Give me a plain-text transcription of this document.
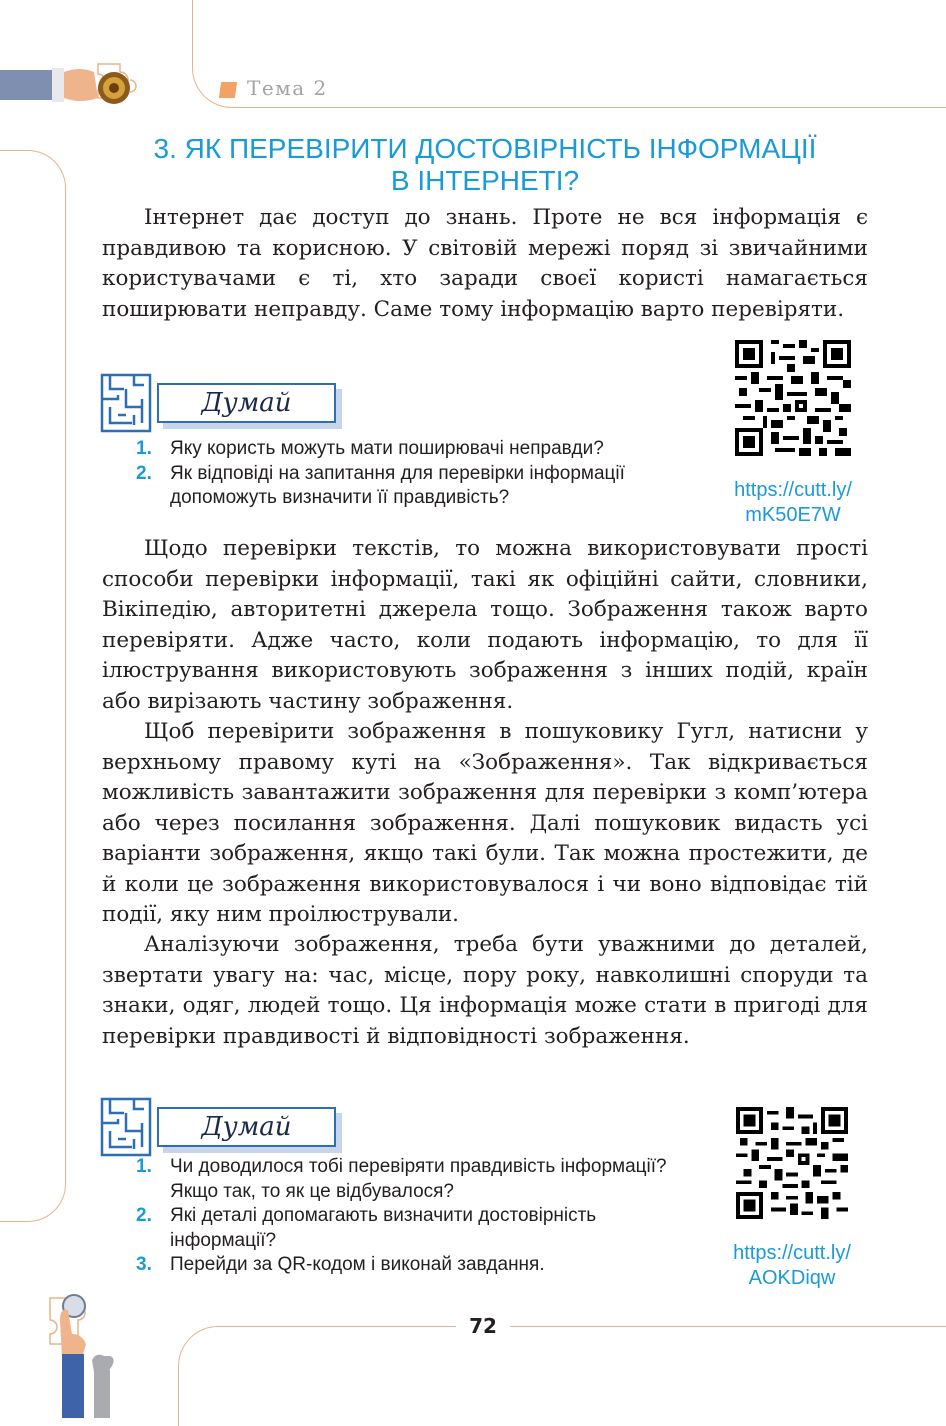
Тема 2
3. ЯК ПЕРЕВІРИТИ ДОСТОВІРНІСТЬ ІНФОРМАЦІЇ
В ІНТЕРНЕТІ?

Інтернет дає доступ до знань. Проте не вся інформація є правдивою та корисною. У світовій мережі поряд зі звичайними користувачами є ті, хто заради своєї користі намагається поширювати неправду. Саме тому інформацію варто перевіряти.

https://cutt.ly/
mK50E7W
Думай
1. Яку користь можуть мати поширювачі неправди?
2. Як відповіді на запитання для перевірки інформації допоможуть визначити її правдивість?

Щодо перевірки текстів, то можна використовувати прості способи перевірки інформації, такі як офіційні сайти, словники, Вікіпедію, авторитетні джерела тощо. Зображення також варто перевіряти. Адже часто, коли подають інформацію, то для її ілюстрування використовують зображення з інших подій, країн або вирізають частину зображення.

Щоб перевірити зображення в пошуковику Гугл, натисни у верхньому правому куті на «Зображення». Так відкривається можливість завантажити зображення для перевірки з комп’ютера або через посилання зображення. Далі пошуковик видасть усі варіанти зображення, якщо такі були. Так можна простежити, де й коли це зображення використовувалося і чи воно відповідає тій події, яку ним проілюстрували.

Аналізуючи зображення, треба бути уважними до деталей, звертати увагу на: час, місце, пору року, навколишні споруди та знаки, одяг, людей тощо. Ця інформація може стати в пригоді для перевірки правдивості й відповідності зображення.

Думай
1. Чи доводилося тобі перевіряти правдивість інформації? Якщо так, то як це відбувалося?
2. Які деталі допомагають визначити достовірність інформації?
3. Перейди за QR-кодом і виконай завдання.
https://cutt.ly/
AOKDiqw
72
